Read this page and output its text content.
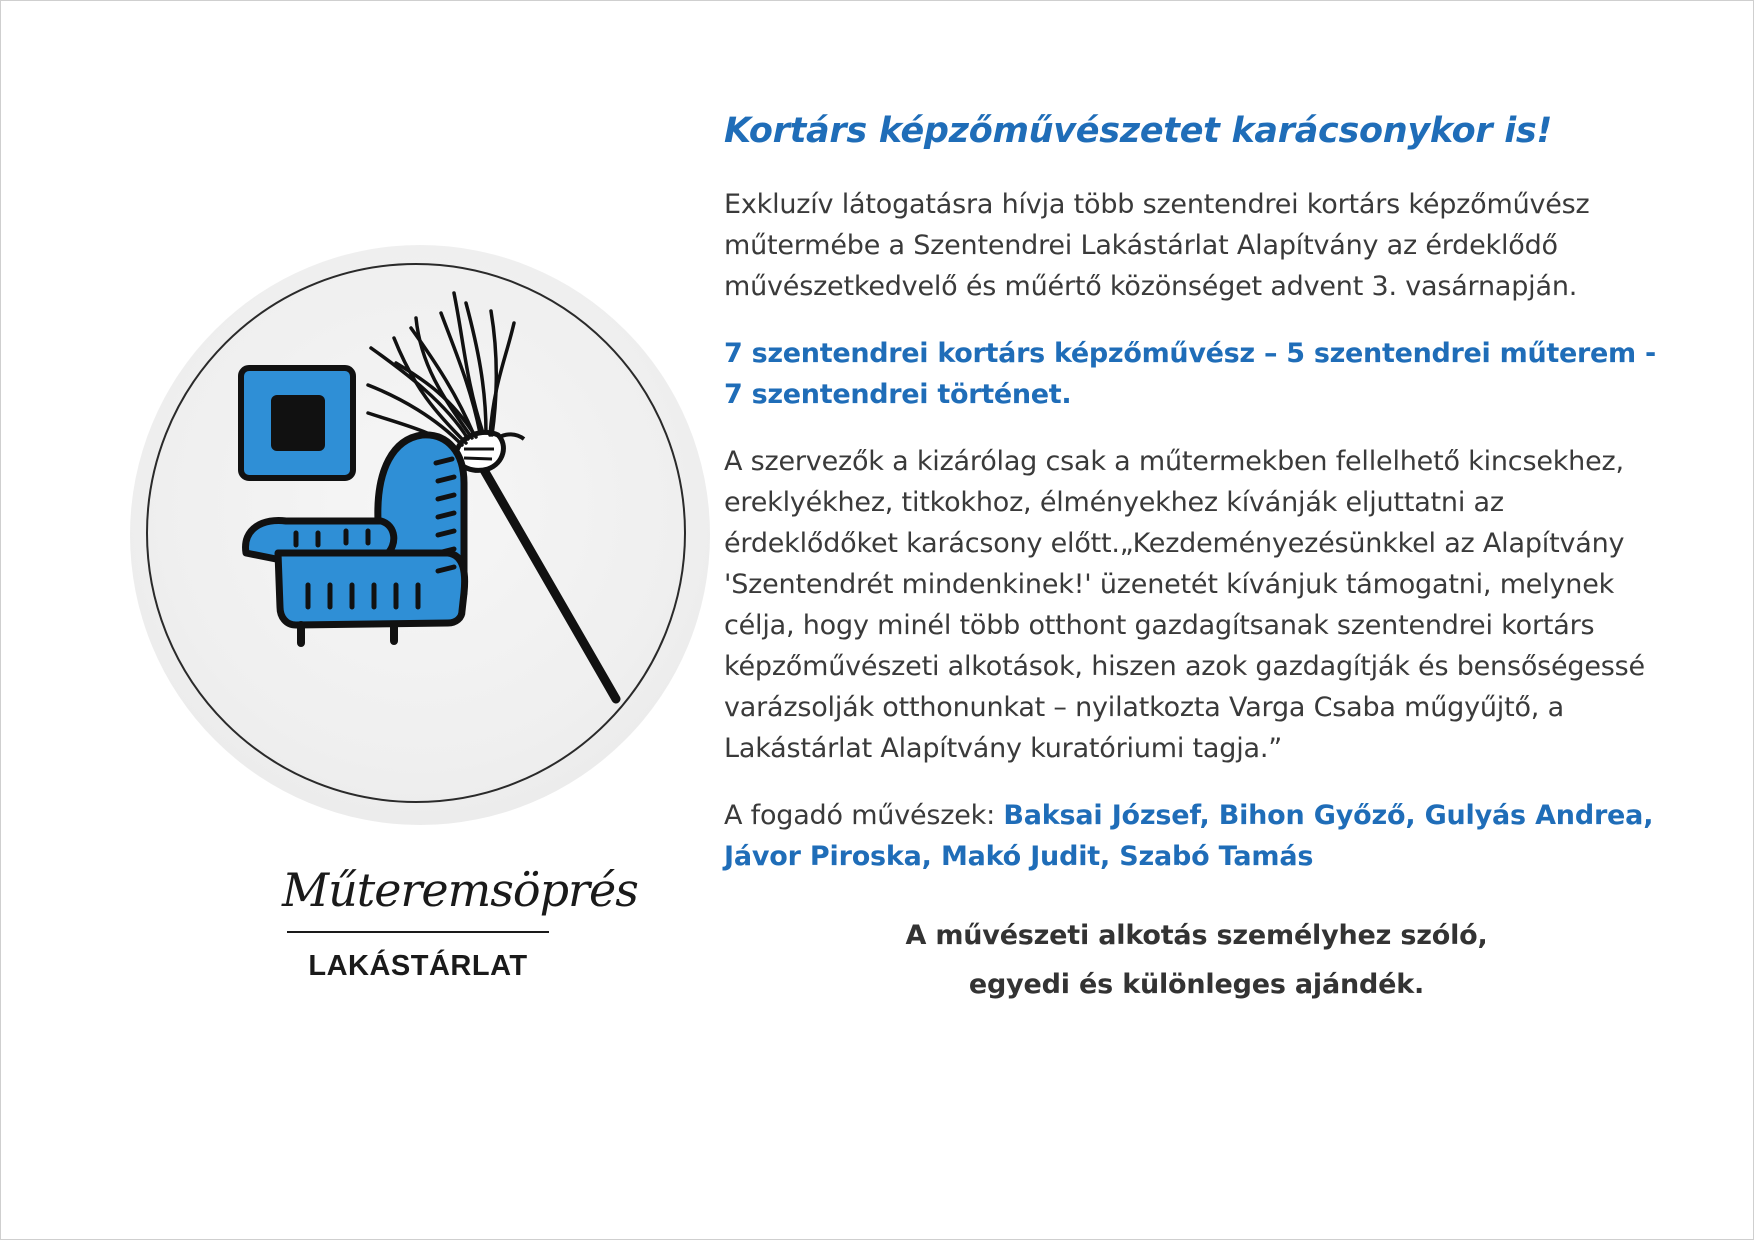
Műteremsöprés
LAKÁSTÁRLAT
Kortárs képzőművészetet karácsonykor is!

Exkluzív látogatásra hívja több szentendrei kortárs képzőművész műtermébe a Szentendrei Lakástárlat Alapítvány az érdeklődő művészetkedvelő és műértő közönséget advent 3. vasárnapján.

7 szentendrei kortárs képzőművész – 5 szentendrei műterem - 7 szentendrei történet.

A szervezők a kizárólag csak a műtermekben fellelhető kincsekhez, ereklyékhez, titkokhoz, élményekhez kívánják eljuttatni az érdeklődőket karácsony előtt.„Kezdeményezésünkkel az Alapítvány 'Szentendrét mindenkinek!' üzenetét kívánjuk támogatni, melynek célja, hogy minél több otthont gazdagítsanak szentendrei kortárs képzőművészeti alkotások, hiszen azok gazdagítják és bensőségessé varázsolják otthonunkat – nyilatkozta Varga Csaba műgyűjtő, a Lakástárlat Alapítvány kuratóriumi tagja.”

A fogadó művészek: Baksai József, Bihon Győző, Gulyás Andrea, Jávor Piroska, Makó Judit, Szabó Tamás

A művészeti alkotás személyhez szóló,
egyedi és különleges ajándék.
